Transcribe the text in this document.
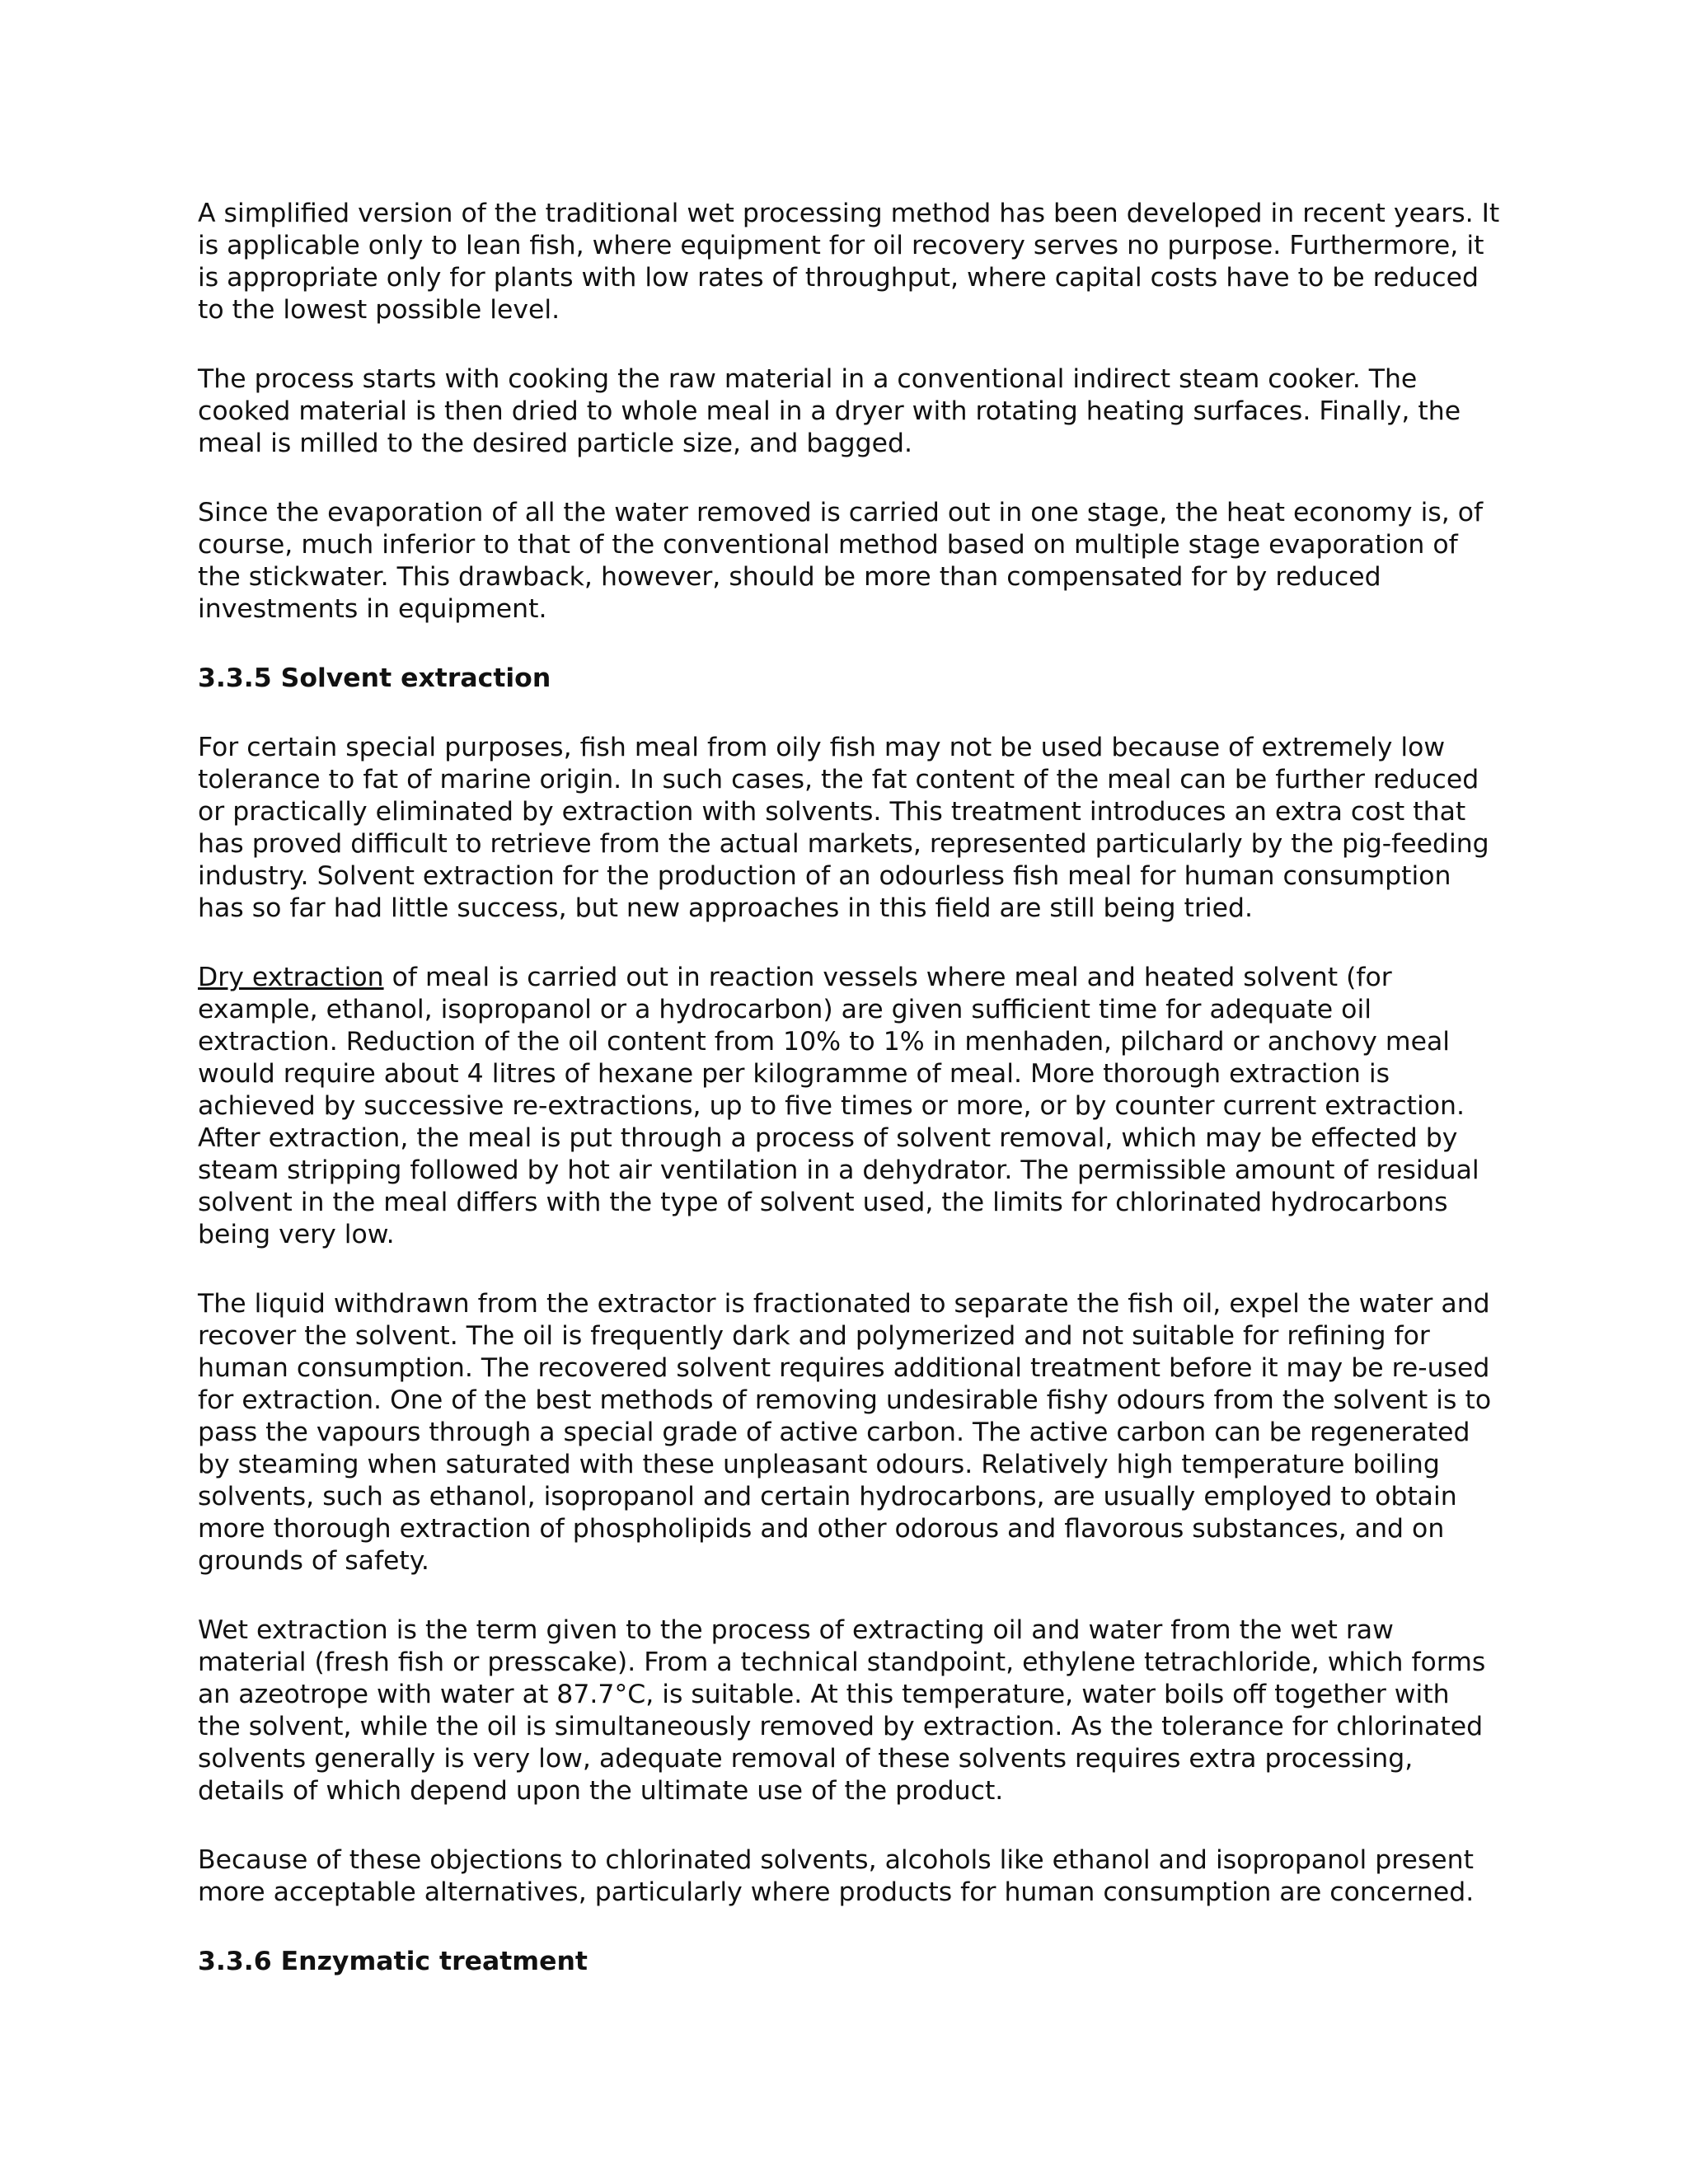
A simplified version of the traditional wet processing method has been developed in recent years. It is applicable only to lean fish, where equipment for oil recovery serves no purpose. Furthermore, it is appropriate only for plants with low rates of throughput, where capital costs have to be reduced to the lowest possible level.

The process starts with cooking the raw material in a conventional indirect steam cooker. The cooked material is then dried to whole meal in a dryer with rotating heating surfaces. Finally, the meal is milled to the desired particle size, and bagged.

Since the evaporation of all the water removed is carried out in one stage, the heat economy is, of course, much inferior to that of the conventional method based on multiple stage evaporation of the stickwater. This drawback, however, should be more than compensated for by reduced investments in equipment.

3.3.5 Solvent extraction

For certain special purposes, fish meal from oily fish may not be used because of extremely low tolerance to fat of marine origin. In such cases, the fat content of the meal can be further reduced or practically eliminated by extraction with solvents. This treatment introduces an extra cost that has proved difficult to retrieve from the actual markets, represented particularly by the pig-feeding industry. Solvent extraction for the production of an odourless fish meal for human consumption has so far had little success, but new approaches in this field are still being tried.

Dry extraction of meal is carried out in reaction vessels where meal and heated solvent (for example, ethanol, isopropanol or a hydrocarbon) are given sufficient time for adequate oil extraction. Reduction of the oil content from 10% to 1% in menhaden, pilchard or anchovy meal would require about 4 litres of hexane per kilogramme of meal. More thorough extraction is achieved by successive re-extractions, up to five times or more, or by counter current extraction. After extraction, the meal is put through a process of solvent removal, which may be effected by steam stripping followed by hot air ventilation in a dehydrator. The permissible amount of residual solvent in the meal differs with the type of solvent used, the limits for chlorinated hydrocarbons being very low.

The liquid withdrawn from the extractor is fractionated to separate the fish oil, expel the water and recover the solvent. The oil is frequently dark and polymerized and not suitable for refining for human consumption. The recovered solvent requires additional treatment before it may be re-used for extraction. One of the best methods of removing undesirable fishy odours from the solvent is to pass the vapours through a special grade of active carbon. The active carbon can be regenerated by steaming when saturated with these unpleasant odours. Relatively high temperature boiling solvents, such as ethanol, isopropanol and certain hydrocarbons, are usually employed to obtain more thorough extraction of phospholipids and other odorous and flavorous substances, and on grounds of safety.

Wet extraction is the term given to the process of extracting oil and water from the wet raw material (fresh fish or presscake). From a technical standpoint, ethylene tetrachloride, which forms an azeotrope with water at 87.7°C, is suitable. At this temperature, water boils off together with the solvent, while the oil is simultaneously removed by extraction. As the tolerance for chlorinated solvents generally is very low, adequate removal of these solvents requires extra processing, details of which depend upon the ultimate use of the product.

Because of these objections to chlorinated solvents, alcohols like ethanol and isopropanol present more acceptable alternatives, particularly where products for human consumption are concerned.

3.3.6 Enzymatic treatment
